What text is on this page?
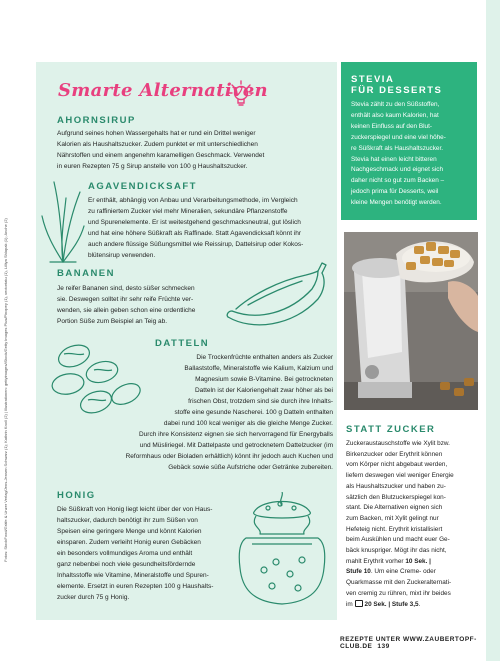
Fotos: StockFood/Gräfe & Unzer Verlag/Jens-Jensen Schwarz (1); Kathrin Knoll (2) | Illustrationen: gettyimages/iStock/Getty Images Plus/Pinopey (1), vectortatu (1), Lilliya Shlapak (1); Anche (2)
Smarte Alternativen
AHORNSIRUP
Aufgrund seines hohen Wassergehalts hat er rund ein Drittel weniger
Kalorien als Haushaltszucker. Zudem punktet er mit unterschiedlichen
Nährstoffen und einem angenehm karamelligen Geschmack. Verwendet
in euren Rezepten 75 g Sirup anstelle von 100 g Haushaltszucker.
AGAVENDICKSAFT
Er enthält, abhängig von Anbau und Verarbeitungsmethode, im Vergleich
zu raffiniertem Zucker viel mehr Mineralien, sekundäre Pflanzenstoffe
und Spurenelemente. Er ist weitestgehend geschmacksneutral, gut löslich
und hat eine höhere Süßkraft als Raffinade. Statt Agavendicksaft könnt ihr
auch andere flüssige Süßungsmittel wie Reissirup, Dattelsirup oder Kokos-
blütensirup verwenden.
BANANEN
Je reifer Bananen sind, desto süßer schmecken
sie. Deswegen solltet ihr sehr reife Früchte ver-
wenden, sie allein geben schon eine ordentliche
Portion Süße zum Beispiel an Teig ab.
DATTELN
Die Trockenfrüchte enthalten anders als Zucker
Ballaststoffe, Mineralstoffe wie Kalium, Kalzium und
Magnesium sowie B-Vitamine. Bei getrockneten
Datteln ist der Kaloriengehalt zwar höher als bei
frischen Obst, trotzdem sind sie durch ihre Inhalts-
stoffe eine gesunde Nascherei. 100 g Datteln enthalten
dabei rund 100 kcal weniger als die gleiche Menge Zucker.
Durch ihre Konsistenz eignen sie sich hervorragend für Energyballs
und Müsliriegel. Mit Dattelpaste und getrocknetem Dattelzucker (im
Reformhaus oder Bioladen erhältlich) könnt ihr jedoch auch Kuchen und
Gebäck sowie süße Aufstriche oder Getränke zubereiten.
HONIG
Die Süßkraft von Honig liegt leicht über der von Haus-
haltszucker, dadurch benötigt ihr zum Süßen von
Speisen eine geringere Menge und könnt Kalorien
einsparen. Zudem verleiht Honig euren Gebäcken
ein besonders vollmundiges Aroma und enthält
ganz nebenbei noch viele gesundheitsfördernde
Inhaltsstoffe wie Vitamine, Mineralstoffe und Spuren-
elemente. Ersetzt in euren Rezepten 100 g Haushalts-
zucker durch 75 g Honig.
STEVIA
FÜR DESSERTS

Stevia zählt zu den Süßstoffen,
enthält also kaum Kalorien, hat
keinen Einfluss auf den Blut-
zuckerspiegel und eine viel höhe-
re Süßkraft als Haushaltszucker.
Stevia hat einen leicht bitteren
Nachgeschmack und eignet sich
daher nicht so gut zum Backen –
jedoch prima für Desserts, weil
kleine Mengen benötigt werden.

STATT ZUCKER
Zuckeraustauschstoffe wie Xylit bzw.
Birkenzucker oder Erythrit können
vom Körper nicht abgebaut werden,
liefern deswegen viel weniger Energie
als Haushaltszucker und haben zu-
sätzlich den Blutzuckerspiegel kon-
stant. Die Alternativen eignen sich
zum Backen, mit Xylit gelingt nur
Hefeteig nicht. Erythrit kristallisiert
beim Auskühlen und macht euer Ge-
bäck knuspriger. Mögt ihr das nicht,
mahlt Erythrit vorher 10 Sek. |
Stufe 10. Um eine Creme- oder
Quarkmasse mit den Zuckeralternati-
ven cremig zu rühren, mixt ihr beides
im 20 Sek. | Stufe 3,5.
REZEPTE UNTER WWW.ZAUBERTOPF-CLUB.DE 139
